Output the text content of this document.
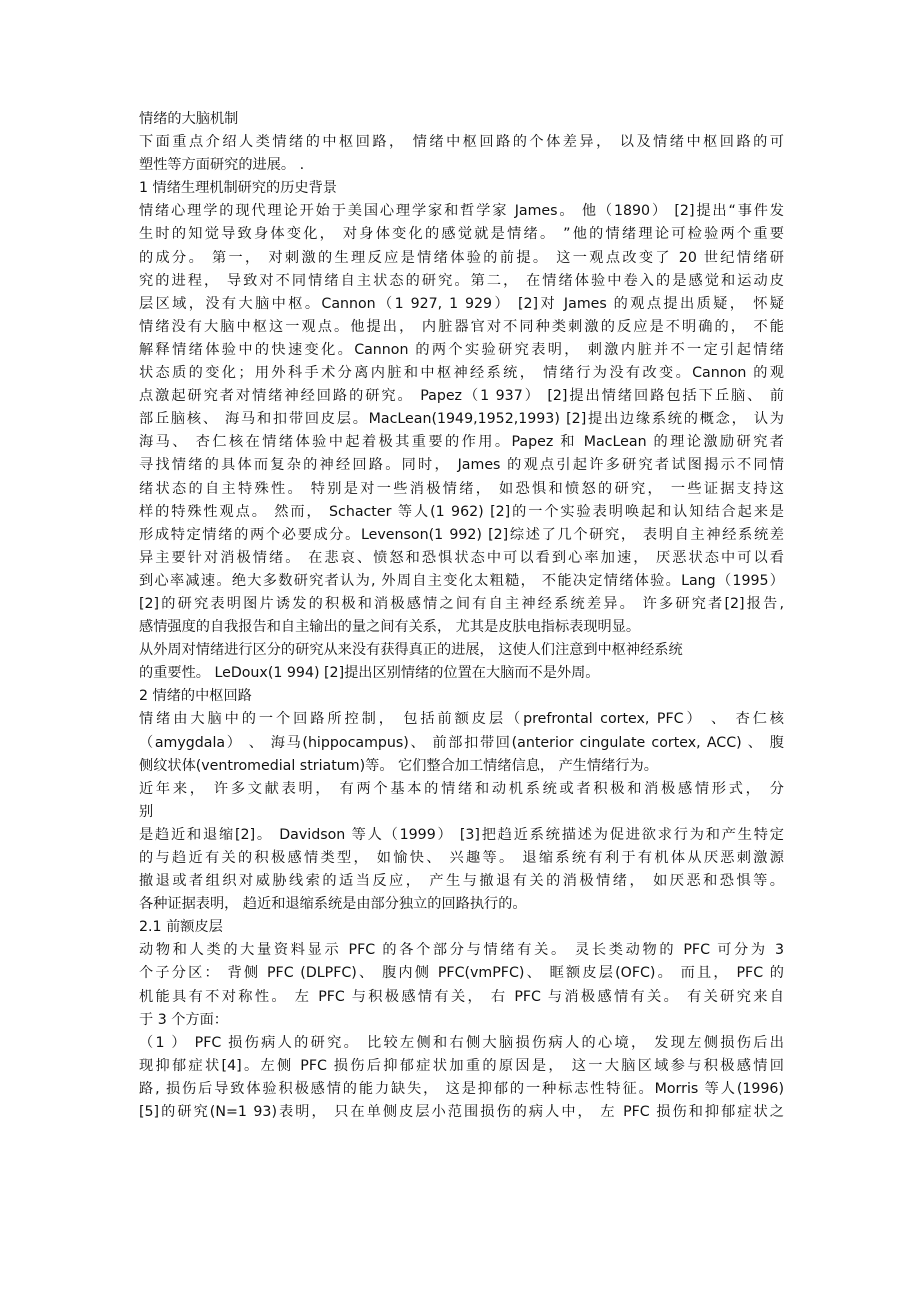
情绪的大脑机制
下面重点介绍人类情绪的中枢回路， 情绪中枢回路的个体差异， 以及情绪中枢回路的可
塑性等方面研究的进展。 .
1 情绪生理机制研究的历史背景
情绪心理学的现代理论开始于美国心理学家和哲学家 James。 他（1890） [2]提出“事件发
生时的知觉导致身体变化， 对身体变化的感觉就是情绪。 ”他的情绪理论可检验两个重要
的成分。 第一， 对刺激的生理反应是情绪体验的前提。 这一观点改变了 20 世纪情绪研
究的进程， 导致对不同情绪自主状态的研究。第二， 在情绪体验中卷入的是感觉和运动皮
层区域，没有大脑中枢。Cannon（1 927, 1 929） [2]对 James 的观点提出质疑， 怀疑
情绪没有大脑中枢这一观点。他提出， 内脏器官对不同种类刺激的反应是不明确的， 不能
解释情绪体验中的快速变化。Cannon 的两个实验研究表明， 刺激内脏并不一定引起情绪
状态质的变化；用外科手术分离内脏和中枢神经系统， 情绪行为没有改变。Cannon 的观
点激起研究者对情绪神经回路的研究。 Papez（1 937） [2]提出情绪回路包括下丘脑、 前
部丘脑核、 海马和扣带回皮层。MacLean(1949,1952,1993) [2]提出边缘系统的概念， 认为
海马、 杏仁核在情绪体验中起着极其重要的作用。Papez 和 MacLean 的理论激励研究者
寻找情绪的具体而复杂的神经回路。同时， James 的观点引起许多研究者试图揭示不同情
绪状态的自主特殊性。 特别是对一些消极情绪， 如恐惧和愤怒的研究， 一些证据支持这
样的特殊性观点。 然而， Schacter 等人(1 962) [2]的一个实验表明唤起和认知结合起来是
形成特定情绪的两个必要成分。Levenson(1 992) [2]综述了几个研究， 表明自主神经系统差
异主要针对消极情绪。 在悲哀、愤怒和恐惧状态中可以看到心率加速， 厌恶状态中可以看
到心率减速。绝大多数研究者认为, 外周自主变化太粗糙， 不能决定情绪体验。Lang（1995）
[2]的研究表明图片诱发的积极和消极感情之间有自主神经系统差异。 许多研究者[2]报告,
感情强度的自我报告和自主输出的量之间有关系， 尤其是皮肤电指标表现明显。
从外周对情绪进行区分的研究从来没有获得真正的进展， 这使人们注意到中枢神经系统
的重要性。 LeDoux(1 994) [2]提出区别情绪的位置在大脑而不是外周。
2 情绪的中枢回路
情绪由大脑中的一个回路所控制， 包括前额皮层（prefrontal cortex, PFC） 、 杏仁核
（amygdala） 、 海马(hippocampus)、 前部扣带回(anterior cingulate cortex, ACC) 、 腹
侧纹状体(ventromedial striatum)等。 它们整合加工情绪信息， 产生情绪行为。
近年来， 许多文献表明， 有两个基本的情绪和动机系统或者积极和消极感情形式， 分
别
是趋近和退缩[2]。 Davidson 等人（1999） [3]把趋近系统描述为促进欲求行为和产生特定
的与趋近有关的积极感情类型， 如愉快、 兴趣等。 退缩系统有利于有机体从厌恶刺激源
撤退或者组织对威胁线索的适当反应， 产生与撤退有关的消极情绪， 如厌恶和恐惧等。
各种证据表明， 趋近和退缩系统是由部分独立的回路执行的。
2.1 前额皮层
动物和人类的大量资料显示 PFC 的各个部分与情绪有关。 灵长类动物的 PFC 可分为 3
个子分区： 背侧 PFC (DLPFC)、 腹内侧 PFC(vmPFC)、 眶额皮层(OFC)。 而且， PFC 的
机能具有不对称性。 左 PFC 与积极感情有关， 右 PFC 与消极感情有关。 有关研究来自
于 3 个方面：
（1 ） PFC 损伤病人的研究。 比较左侧和右侧大脑损伤病人的心境， 发现左侧损伤后出
现抑郁症状[4]。左侧 PFC 损伤后抑郁症状加重的原因是， 这一大脑区域参与积极感情回
路, 损伤后导致体验积极感情的能力缺失， 这是抑郁的一种标志性特征。Morris 等人(1996)
[5]的研究(N=1 93)表明， 只在单侧皮层小范围损伤的病人中， 左 PFC 损伤和抑郁症状之
